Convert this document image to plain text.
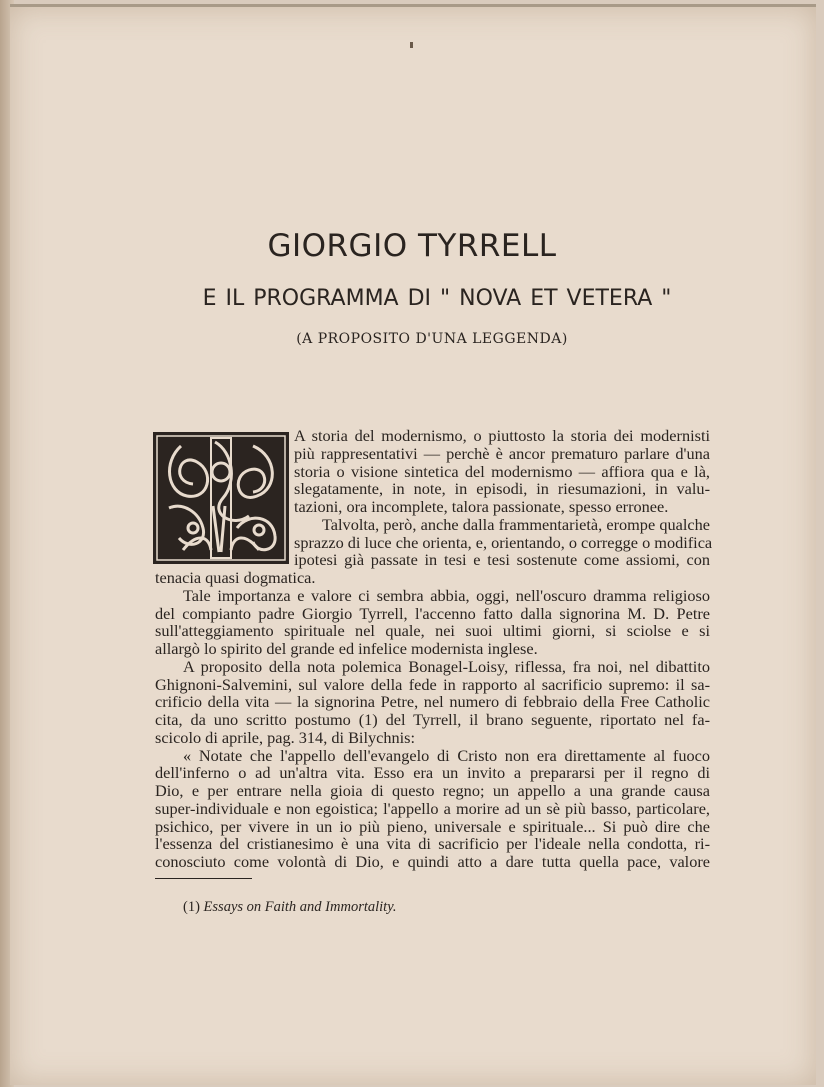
GIORGIO TYRRELL
E IL PROGRAMMA DI " NOVA ET VETERA "
(A PROPOSITO D'UNA LEGGENDA)
A storia del modernismo, o piuttosto la storia dei modernisti
più rappresentativi — perchè è ancor prematuro parlare d'una
storia o visione sintetica del modernismo — affiora qua e là,
slegatamente, in note, in episodi, in riesumazioni, in valu-
tazioni, ora incomplete, talora passionate, spesso erronee.
Talvolta, però, anche dalla frammentarietà, erompe qualche
sprazzo di luce che orienta, e, orientando, o corregge o modifica
ipotesi già passate in tesi e tesi sostenute come assiomi, con
tenacia quasi dogmatica.
Tale importanza e valore ci sembra abbia, oggi, nell'oscuro dramma religioso
del compianto padre Giorgio Tyrrell, l'accenno fatto dalla signorina M. D. Petre
sull'atteggiamento spirituale nel quale, nei suoi ultimi giorni, si sciolse e si
allargò lo spirito del grande ed infelice modernista inglese.
A proposito della nota polemica Bonagel-Loisy, riflessa, fra noi, nel dibattito
Ghignoni-Salvemini, sul valore della fede in rapporto al sacrificio supremo: il sa-
crificio della vita — la signorina Petre, nel numero di febbraio della Free Catholic
cita, da uno scritto postumo (1) del Tyrrell, il brano seguente, riportato nel fa-
scicolo di aprile, pag. 314, di Bilychnis:
« Notate che l'appello dell'evangelo di Cristo non era direttamente al fuoco
dell'inferno o ad un'altra vita. Esso era un invito a prepararsi per il regno di
Dio, e per entrare nella gioia di questo regno; un appello a una grande causa
super-individuale e non egoistica; l'appello a morire ad un sè più basso, particolare,
psichico, per vivere in un io più pieno, universale e spirituale... Si può dire che
l'essenza del cristianesimo è una vita di sacrificio per l'ideale nella condotta, ri-
conosciuto come volontà di Dio, e quindi atto a dare tutta quella pace, valore
(1) Essays on Faith and Immortality.
